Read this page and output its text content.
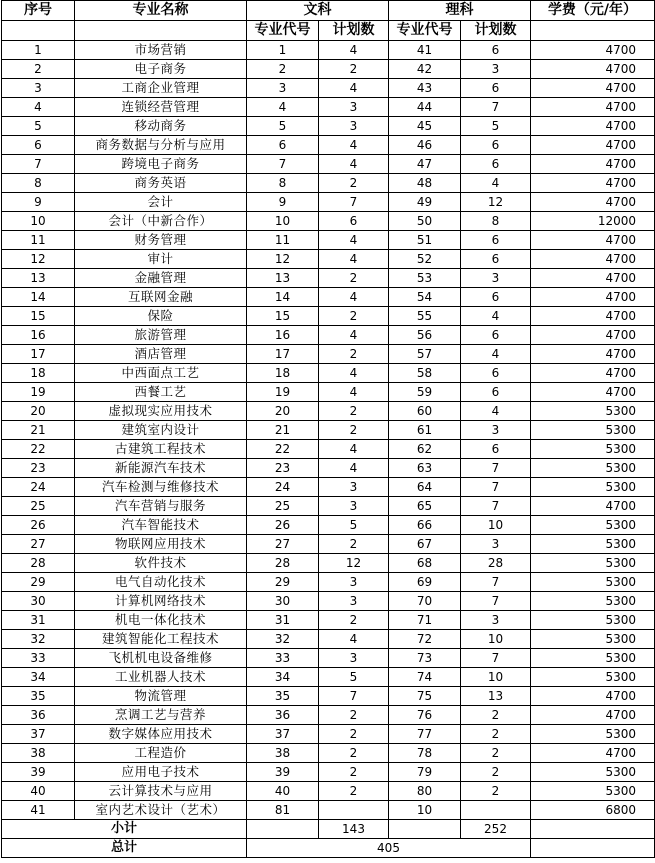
序号	专业名称	文科		理科		学费（元/年）
		专业代号	计划数	专业代号	计划数	
1	市场营销	1	4	41	6	4700
2	电子商务	2	2	42	3	4700
3	工商企业管理	3	4	43	6	4700
4	连锁经营管理	4	3	44	7	4700
5	移动商务	5	3	45	5	4700
6	商务数据与分析与应用	6	4	46	6	4700
7	跨境电子商务	7	4	47	6	4700
8	商务英语	8	2	48	4	4700
9	会计	9	7	49	12	4700
10	会计（中新合作）	10	6	50	8	12000
11	财务管理	11	4	51	6	4700
12	审计	12	4	52	6	4700
13	金融管理	13	2	53	3	4700
14	互联网金融	14	4	54	6	4700
15	保险	15	2	55	4	4700
16	旅游管理	16	4	56	6	4700
17	酒店管理	17	2	57	4	4700
18	中西面点工艺	18	4	58	6	4700
19	西餐工艺	19	4	59	6	4700
20	虚拟现实应用技术	20	2	60	4	5300
21	建筑室内设计	21	2	61	3	5300
22	古建筑工程技术	22	4	62	6	5300
23	新能源汽车技术	23	4	63	7	5300
24	汽车检测与维修技术	24	3	64	7	5300
25	汽车营销与服务	25	3	65	7	4700
26	汽车智能技术	26	5	66	10	5300
27	物联网应用技术	27	2	67	3	5300
28	软件技术	28	12	68	28	5300
29	电气自动化技术	29	3	69	7	5300
30	计算机网络技术	30	3	70	7	5300
31	机电一体化技术	31	2	71	3	5300
32	建筑智能化工程技术	32	4	72	10	5300
33	飞机机电设备维修	33	3	73	7	5300
34	工业机器人技术	34	5	74	10	5300
35	物流管理	35	7	75	13	4700
36	烹调工艺与营养	36	2	76	2	4700
37	数字媒体应用技术	37	2	77	2	5300
38	工程造价	38	2	78	2	4700
39	应用电子技术	39	2	79	2	5300
40	云计算技术与应用	40	2	80	2	5300
41	室内艺术设计（艺术）	81		10		6800
小计			143		252	
总计		405				
